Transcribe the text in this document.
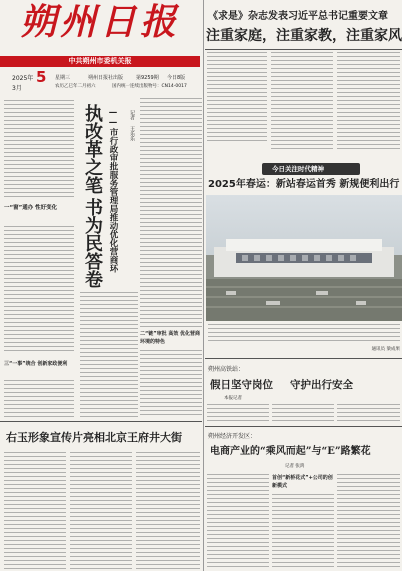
朔州日报
中共朔州市委机关报
2025年 5
3月
星期三	朔州日报社出版	第9259期	今日8版
农历乙巳年二月初六	国内统一连续出版物号：CN14-0017
《求是》杂志发表习近平总书记重要文章
注重家庭，注重家教，注重家风
一“窗”通办 性好变化
执改革之笔
书为民答卷
——市行政审批服务管理局推动优化营商环
记者 王乐乐
二“链”审批 高效 优化营商环境的特色
三“一事”统合 创新家政便利
今日关注时代精神
2025年春运：新站春运首秀 新规便利出行
通讯员 梁成果
朔州高铁站：
假日坚守岗位	守护出行安全
本报记者
右玉形象宣传片亮相北京王府井大街	朔州经济开发区：
电商产业的“乘风而起”与“E”路繁花
记者 张鸿
首创“新桥花式”+公司的创新模式
